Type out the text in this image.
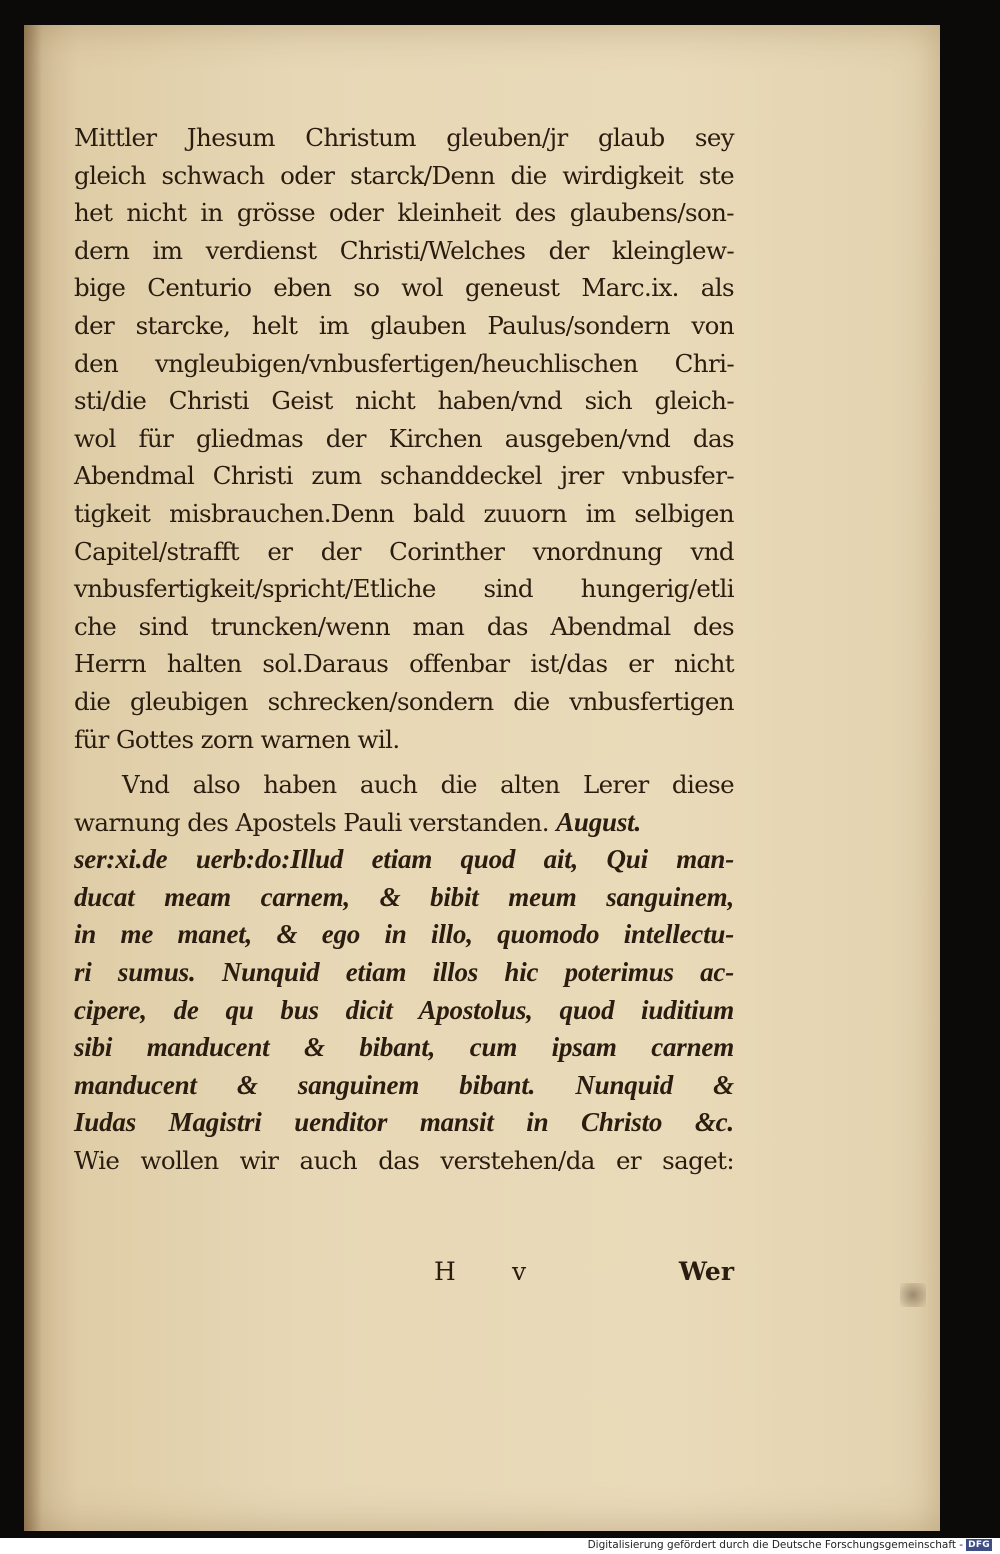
Mittler Jhesum Christum gleuben/jr glaub sey
gleich schwach oder starck/Denn die wirdigkeit ste
het nicht in grösse oder kleinheit des glaubens/son-
dern im verdienst Christi/Welches der kleinglew-
bige Centurio eben so wol geneust Marc.ix. als
der starcke, helt im glauben Paulus/sondern von
den vngleubigen/vnbusfertigen/heuchlischen Chri-
sti/die Christi Geist nicht haben/vnd sich gleich-
wol für gliedmas der Kirchen ausgeben/vnd das
Abendmal Christi zum schanddeckel jrer vnbusfer-
tigkeit misbrauchen.Denn bald zuuorn im selbigen
Capitel/strafft er der Corinther vnordnung vnd
vnbusfertigkeit/spricht/Etliche sind hungerig/etli
che sind truncken/wenn man das Abendmal des
Herrn halten sol.Daraus offenbar ist/das er nicht
die gleubigen schrecken/sondern die vnbusfertigen
für Gottes zorn warnen wil.
Vnd also haben auch die alten Lerer diese
warnung des Apostels Pauli verstanden. August.
ser:xi.de uerb:do:Illud etiam quod ait, Qui man-
ducat meam carnem, & bibit meum sanguinem,
in me manet, & ego in illo, quomodo intellectu-
ri sumus. Nunquid etiam illos hic poterimus ac-
cipere, de qu bus dicit Apostolus, quod iuditium
sibi manducent & bibant, cum ipsam carnem
manducent & sanguinem bibant. Nunquid &
Iudas Magistri uenditor mansit in Christo &c.
Wie wollen wir auch das verstehen/da er saget:
H v	Wer
Digitalisierung gefördert durch die Deutsche Forschungsgemeinschaft - DFG
